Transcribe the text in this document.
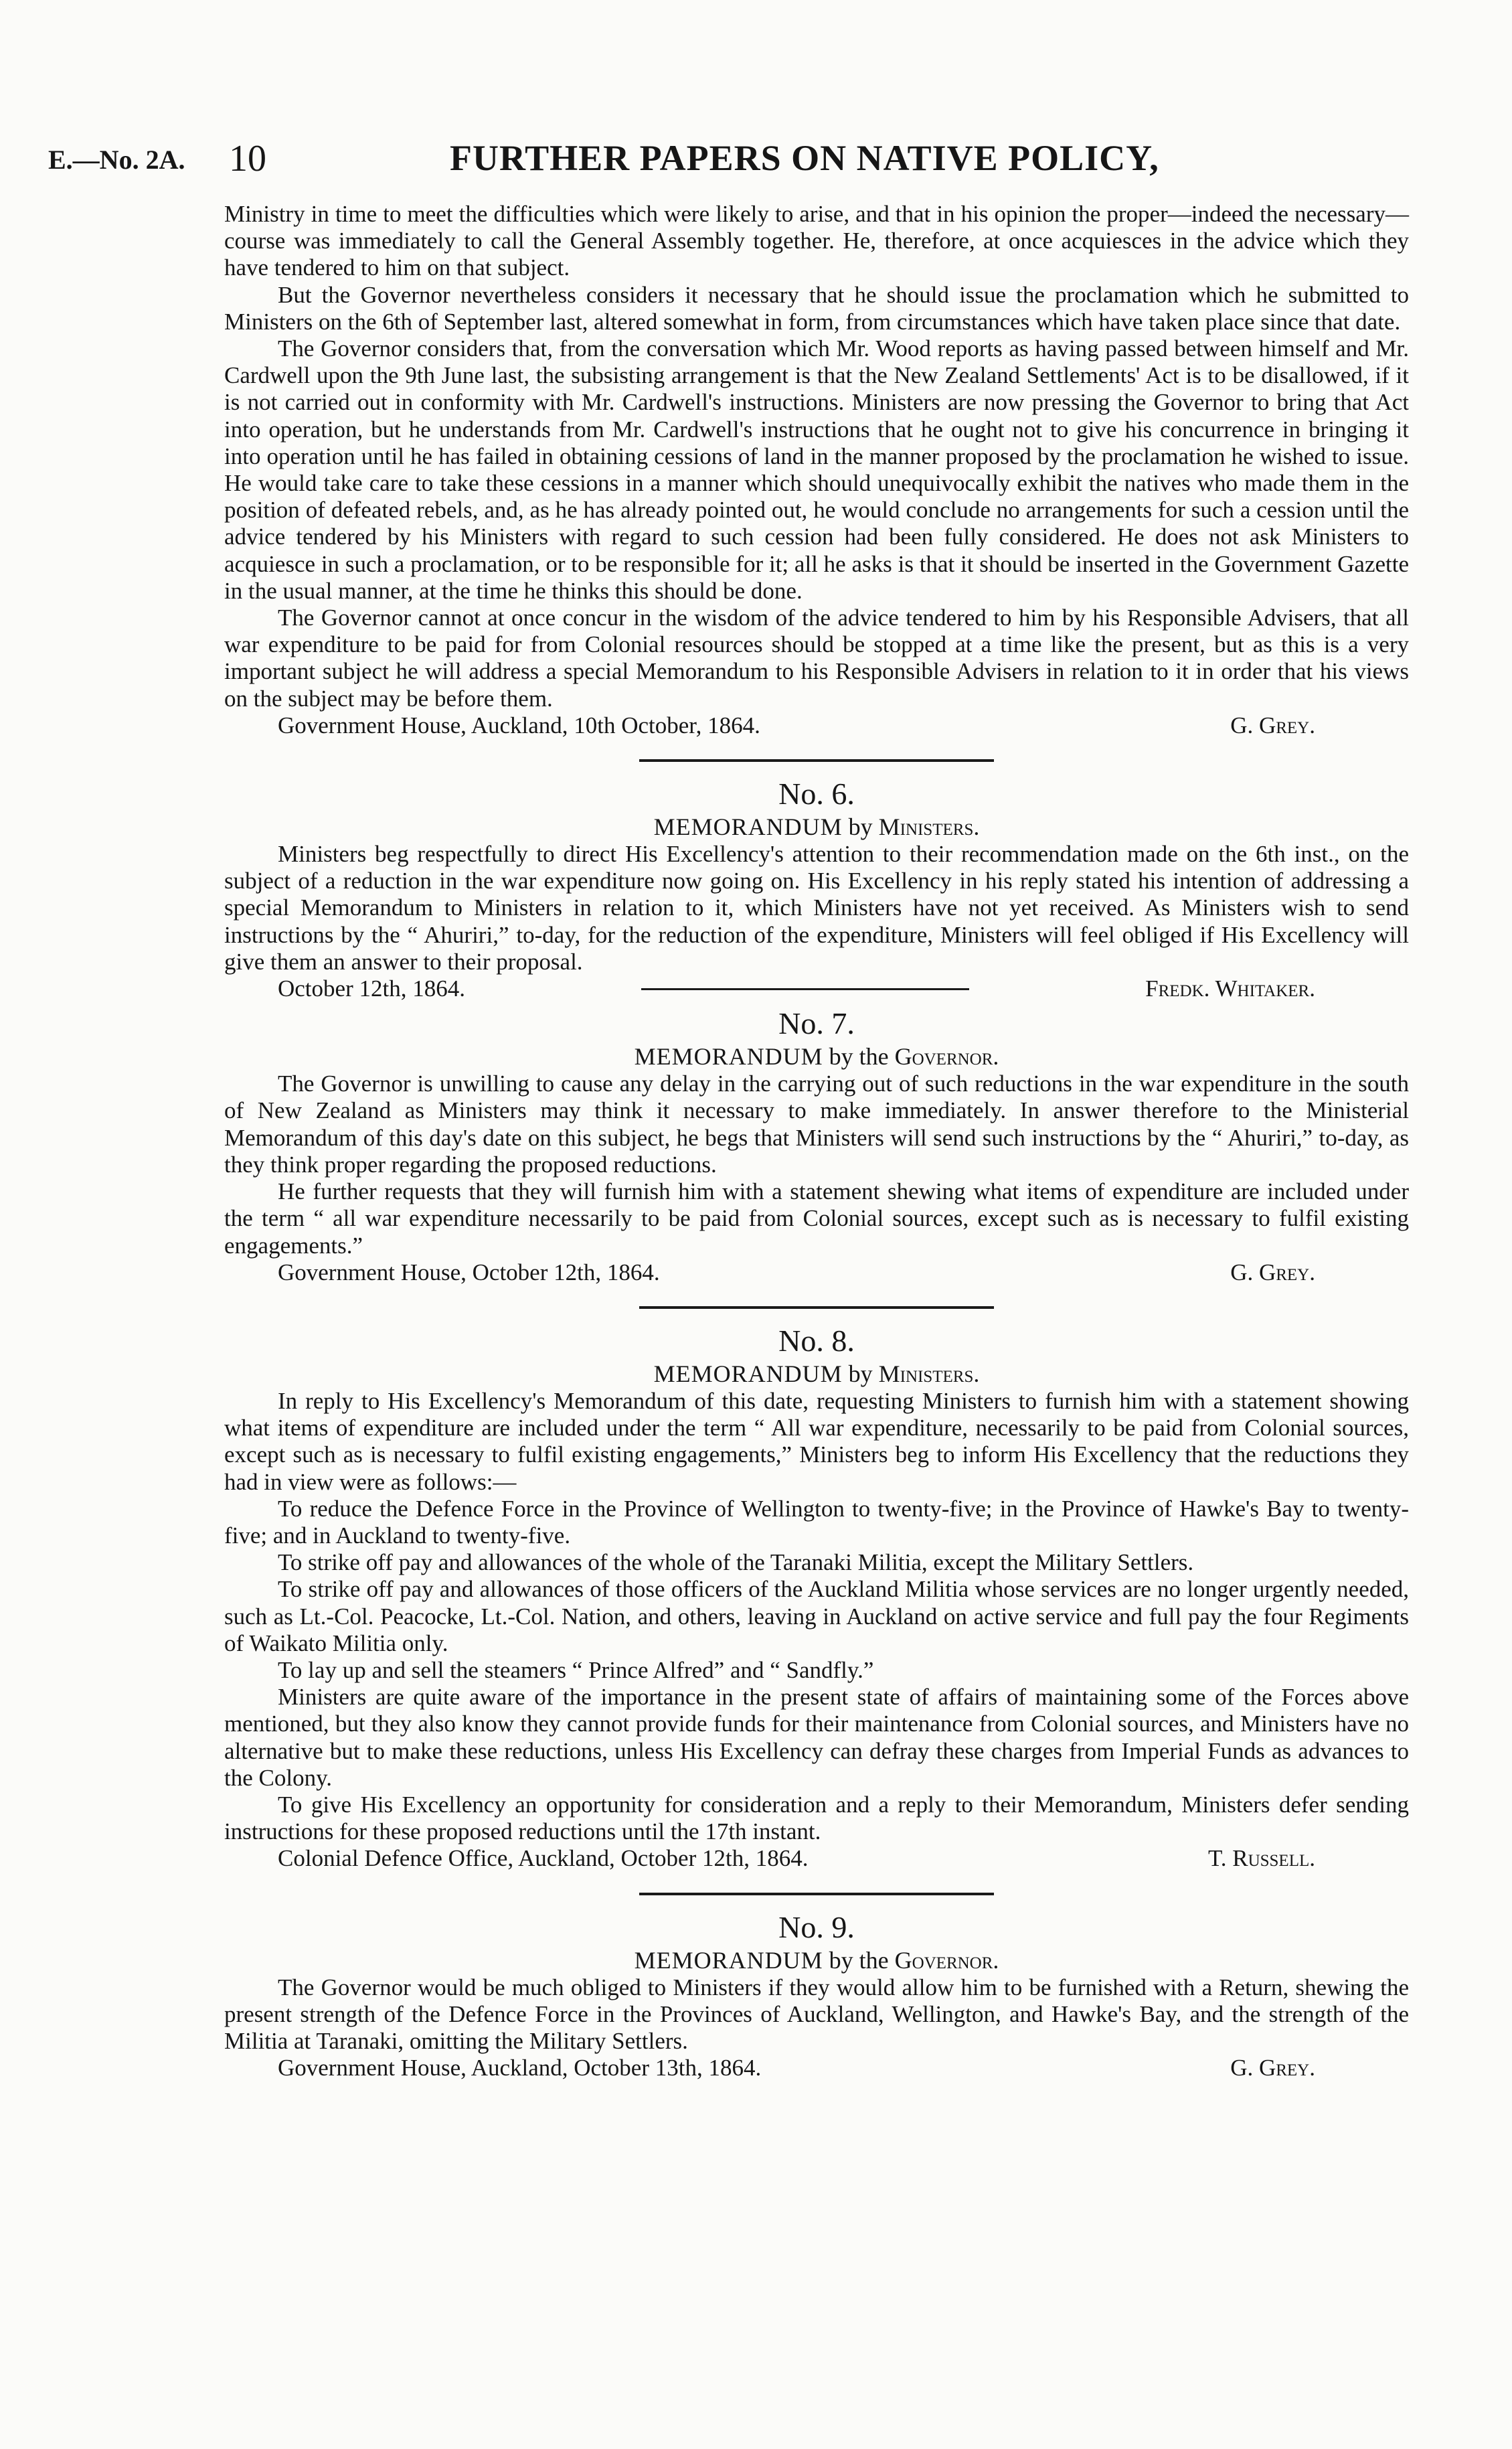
E.—No. 2A. 10	FURTHER PAPERS ON NATIVE POLICY,

Ministry in time to meet the difficulties which were likely to arise, and that in his opinion the proper—indeed the necessary—course was immediately to call the General Assembly together. He, therefore, at once acquiesces in the advice which they have tendered to him on that subject.

But the Governor nevertheless considers it necessary that he should issue the proclamation which he submitted to Ministers on the 6th of September last, altered somewhat in form, from circumstances which have taken place since that date.

The Governor considers that, from the conversation which Mr. Wood reports as having passed between himself and Mr. Cardwell upon the 9th June last, the subsisting arrangement is that the New Zealand Settlements' Act is to be disallowed, if it is not carried out in conformity with Mr. Cardwell's instructions. Ministers are now pressing the Governor to bring that Act into operation, but he understands from Mr. Cardwell's instructions that he ought not to give his concurrence in bringing it into operation until he has failed in obtaining cessions of land in the manner proposed by the proclamation he wished to issue. He would take care to take these cessions in a manner which should unequivocally exhibit the natives who made them in the position of defeated rebels, and, as he has already pointed out, he would conclude no arrangements for such a cession until the advice tendered by his Ministers with regard to such cession had been fully considered. He does not ask Ministers to acquiesce in such a proclamation, or to be responsible for it; all he asks is that it should be inserted in the Government Gazette in the usual manner, at the time he thinks this should be done.

The Governor cannot at once concur in the wisdom of the advice tendered to him by his Responsible Advisers, that all war expenditure to be paid for from Colonial resources should be stopped at a time like the present, but as this is a very important subject he will address a special Memorandum to his Responsible Advisers in relation to it in order that his views on the subject may be before them.

Government House, Auckland, 10th October, 1864.	G. Grey.
No. 6.
MEMORANDUM by Ministers.

Ministers beg respectfully to direct His Excellency's attention to their recommendation made on the 6th inst., on the subject of a reduction in the war expenditure now going on. His Excellency in his reply stated his intention of addressing a special Memorandum to Ministers in relation to it, which Ministers have not yet received. As Ministers wish to send instructions by the “ Ahuriri,” to-day, for the reduction of the expenditure, Ministers will feel obliged if His Excellency will give them an answer to their proposal.

October 12th, 1864.	Fredk. Whitaker.
No. 7.
MEMORANDUM by the Governor.

The Governor is unwilling to cause any delay in the carrying out of such reductions in the war expenditure in the south of New Zealand as Ministers may think it necessary to make immediately. In answer therefore to the Ministerial Memorandum of this day's date on this subject, he begs that Ministers will send such instructions by the “ Ahuriri,” to-day, as they think proper regarding the proposed reductions.

He further requests that they will furnish him with a statement shewing what items of expenditure are included under the term “ all war expenditure necessarily to be paid from Colonial sources, except such as is necessary to fulfil existing engagements.”

Government House, October 12th, 1864.	G. Grey.
No. 8.
MEMORANDUM by Ministers.

In reply to His Excellency's Memorandum of this date, requesting Ministers to furnish him with a statement showing what items of expenditure are included under the term “ All war expenditure, necessarily to be paid from Colonial sources, except such as is necessary to fulfil existing engagements,” Ministers beg to inform His Excellency that the reductions they had in view were as follows:—

To reduce the Defence Force in the Province of Wellington to twenty-five; in the Province of Hawke's Bay to twenty-five; and in Auckland to twenty-five.

To strike off pay and allowances of the whole of the Taranaki Militia, except the Military Settlers.

To strike off pay and allowances of those officers of the Auckland Militia whose services are no longer urgently needed, such as Lt.-Col. Peacocke, Lt.-Col. Nation, and others, leaving in Auckland on active service and full pay the four Regiments of Waikato Militia only.

To lay up and sell the steamers “ Prince Alfred” and “ Sandfly.”

Ministers are quite aware of the importance in the present state of affairs of maintaining some of the Forces above mentioned, but they also know they cannot provide funds for their maintenance from Colonial sources, and Ministers have no alternative but to make these reductions, unless His Excellency can defray these charges from Imperial Funds as advances to the Colony.

To give His Excellency an opportunity for consideration and a reply to their Memorandum, Ministers defer sending instructions for these proposed reductions until the 17th instant.

Colonial Defence Office, Auckland, October 12th, 1864.	T. Russell.
No. 9.
MEMORANDUM by the Governor.

The Governor would be much obliged to Ministers if they would allow him to be furnished with a Return, shewing the present strength of the Defence Force in the Provinces of Auckland, Wellington, and Hawke's Bay, and the strength of the Militia at Taranaki, omitting the Military Settlers.

Government House, Auckland, October 13th, 1864.	G. Grey.
